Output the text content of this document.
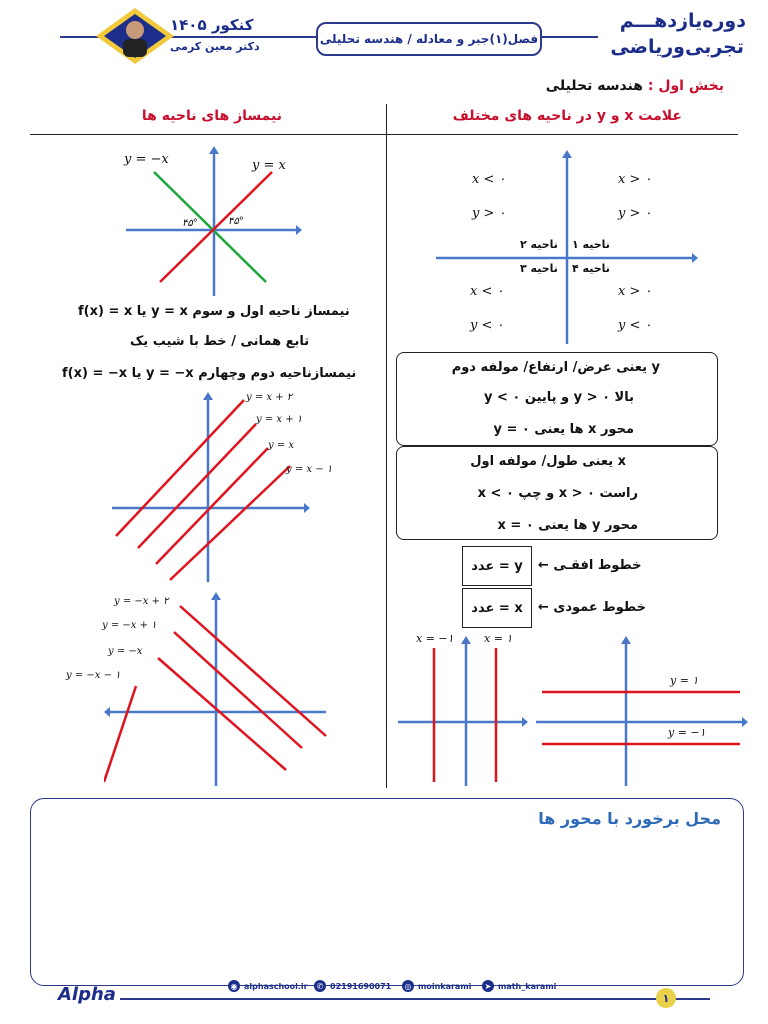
کنکور ۱۴۰۵
دکتر معین کرمی
فصل(۱)جبر و معادله / هندسه تحلیلی
دوره‌یازدهـــم
تجربی‌وریاضی
بخش اول : هندسه تحلیلی
علامت x و y در ناحیه های مختلف
نیمساز های ناحیه ها
x < ۰
y > ۰
x > ۰
y > ۰
x < ۰
y < ۰
x > ۰
y < ۰
ناحیه ۱
ناحیه ۲
ناحیه ۳ ناحیه ۴
y یعنی عرض/ ارتفاع/ مولفه دوم
بالا ۰ < y و پایین ۰ > y
محور x ها یعنی y = ۰
x یعنی طول/ مولفه اول
راست ۰ < x و چپ ۰ > x
محور y ها یعنی x = ۰
خطوط افقـی ←
y = عدد
خطوط عمودی ←
x = عدد
x = −۱	x = ۱
y = ۱
y = −۱
y = −x	y = x
۴۵°	۴۵°
نیمساز ناحیه اول و سوم y = x یا f(x) = x
تابع همانی / خط با شیب یک
نیمسازناحیه دوم وچهارم y = −x یا f(x) = −x
y = x + ۲
y = x + ۱
y = x
y = x − ۱
y = −x + ۲
y = −x + ۱
y = −x
y = −x − ۱
محل برخورد با محور ها
Alpha	◉ alphaschool.ir	✆ 02191690071	◎ moinkarami	➤ math_karami
۱
